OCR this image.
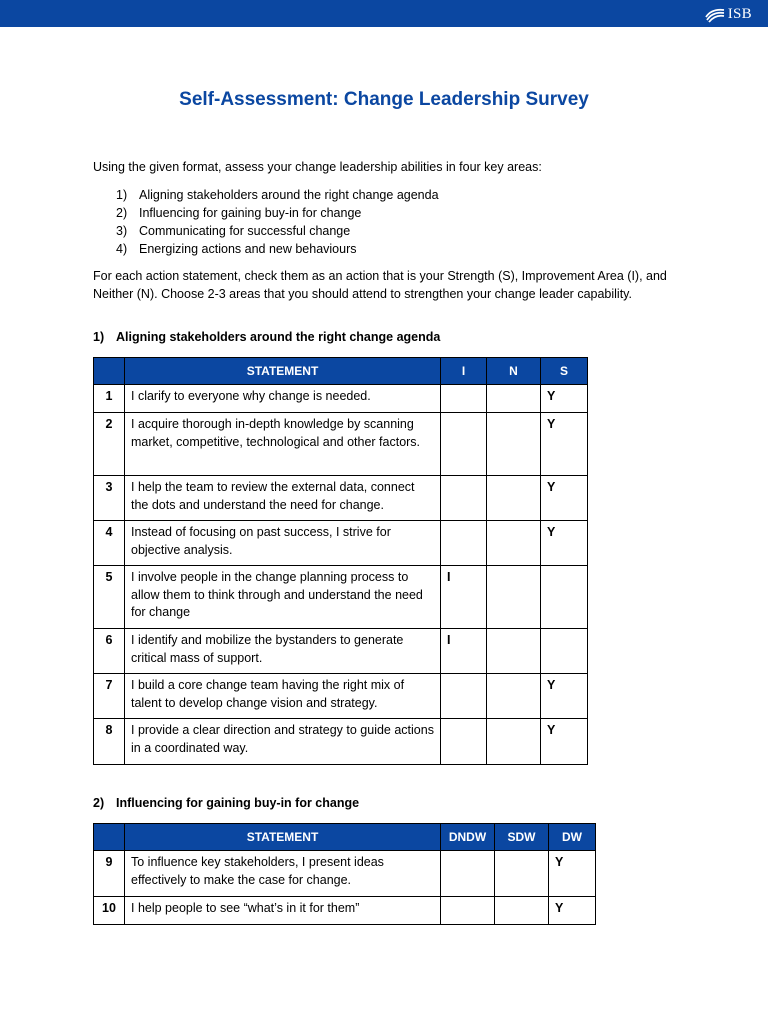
ISB
Self-Assessment: Change Leadership Survey
Using the given format, assess your change leadership abilities in four key areas:
1) Aligning stakeholders around the right change agenda
2) Influencing for gaining buy-in for change
3) Communicating for successful change
4) Energizing actions and new behaviours
For each action statement, check them as an action that is your Strength (S), Improvement Area (I), and Neither (N). Choose 2-3 areas that you should attend to strengthen your change leader capability.
1) Aligning stakeholders around the right change agenda
	STATEMENT	I	N	S
1	I clarify to everyone why change is needed.			Y
2	I acquire thorough in-depth knowledge by scanning market, competitive, technological and other factors.			Y
3	I help the team to review the external data, connect the dots and understand the need for change.			Y
4	Instead of focusing on past success, I strive for objective analysis.			Y
5	I involve people in the change planning process to allow them to think through and understand the need for change	I		
6	I identify and mobilize the bystanders to generate critical mass of support.	I		
7	I build a core change team having the right mix of talent to develop change vision and strategy.			Y
8	I provide a clear direction and strategy to guide actions in a coordinated way.			Y
2) Influencing for gaining buy-in for change
	STATEMENT	DNDW	SDW	DW
9	To influence key stakeholders, I present ideas effectively to make the case for change.			Y
10	I help people to see “what’s in it for them”			Y
